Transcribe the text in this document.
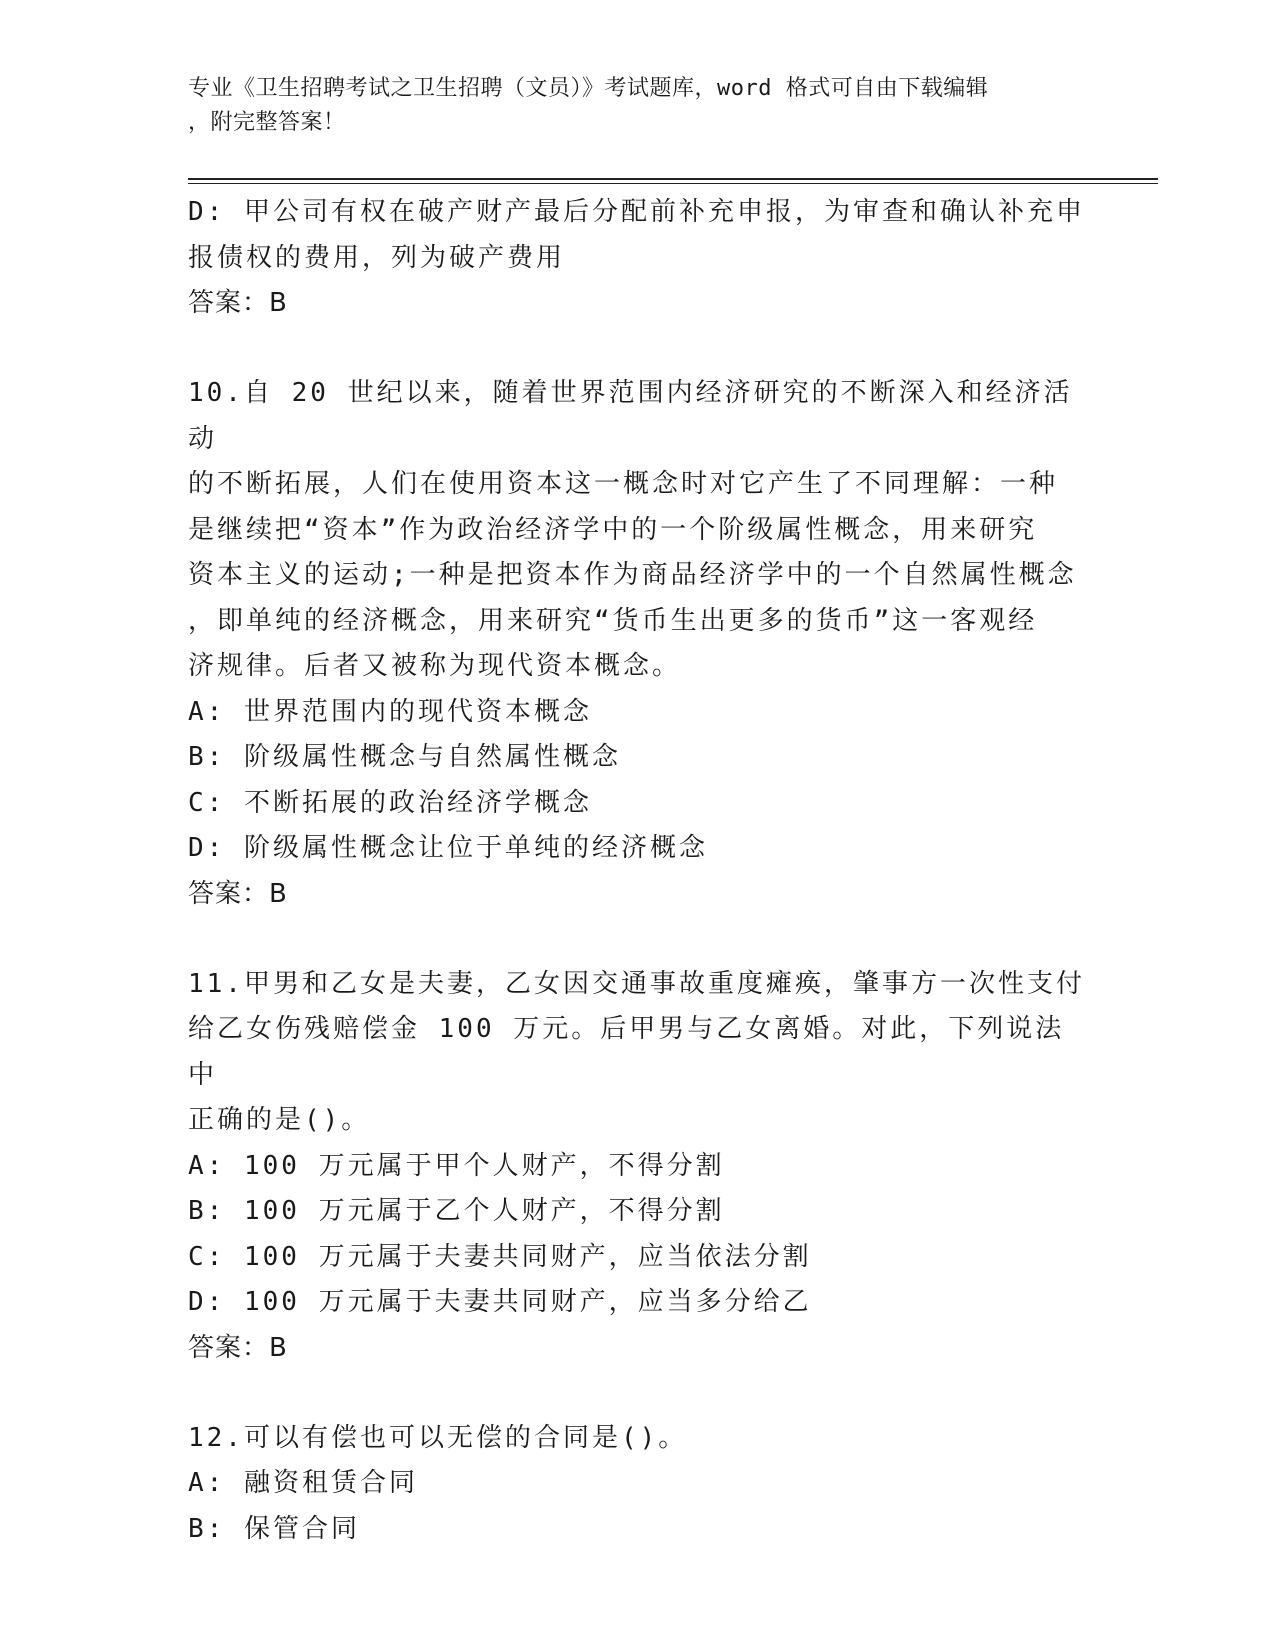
专业《卫生招聘考试之卫生招聘（文员）》考试题库，word 格式可自由下载编辑
，附完整答案！
D: 甲公司有权在破产财产最后分配前补充申报，为审查和确认补充申
报债权的费用，列为破产费用
答案：B
10.自 20 世纪以来，随着世界范围内经济研究的不断深入和经济活动
的不断拓展，人们在使用资本这一概念时对它产生了不同理解：一种
是继续把“资本”作为政治经济学中的一个阶级属性概念，用来研究
资本主义的运动;一种是把资本作为商品经济学中的一个自然属性概念
，即单纯的经济概念，用来研究“货币生出更多的货币”这一客观经
济规律。后者又被称为现代资本概念。
A: 世界范围内的现代资本概念
B: 阶级属性概念与自然属性概念
C: 不断拓展的政治经济学概念
D: 阶级属性概念让位于单纯的经济概念
答案：B
11.甲男和乙女是夫妻，乙女因交通事故重度瘫痪，肇事方一次性支付
给乙女伤残赔偿金 100 万元。后甲男与乙女离婚。对此，下列说法中
正确的是()。
A: 100 万元属于甲个人财产，不得分割
B: 100 万元属于乙个人财产，不得分割
C: 100 万元属于夫妻共同财产，应当依法分割
D: 100 万元属于夫妻共同财产，应当多分给乙
答案：B
12.可以有偿也可以无偿的合同是()。
A: 融资租赁合同
B: 保管合同
